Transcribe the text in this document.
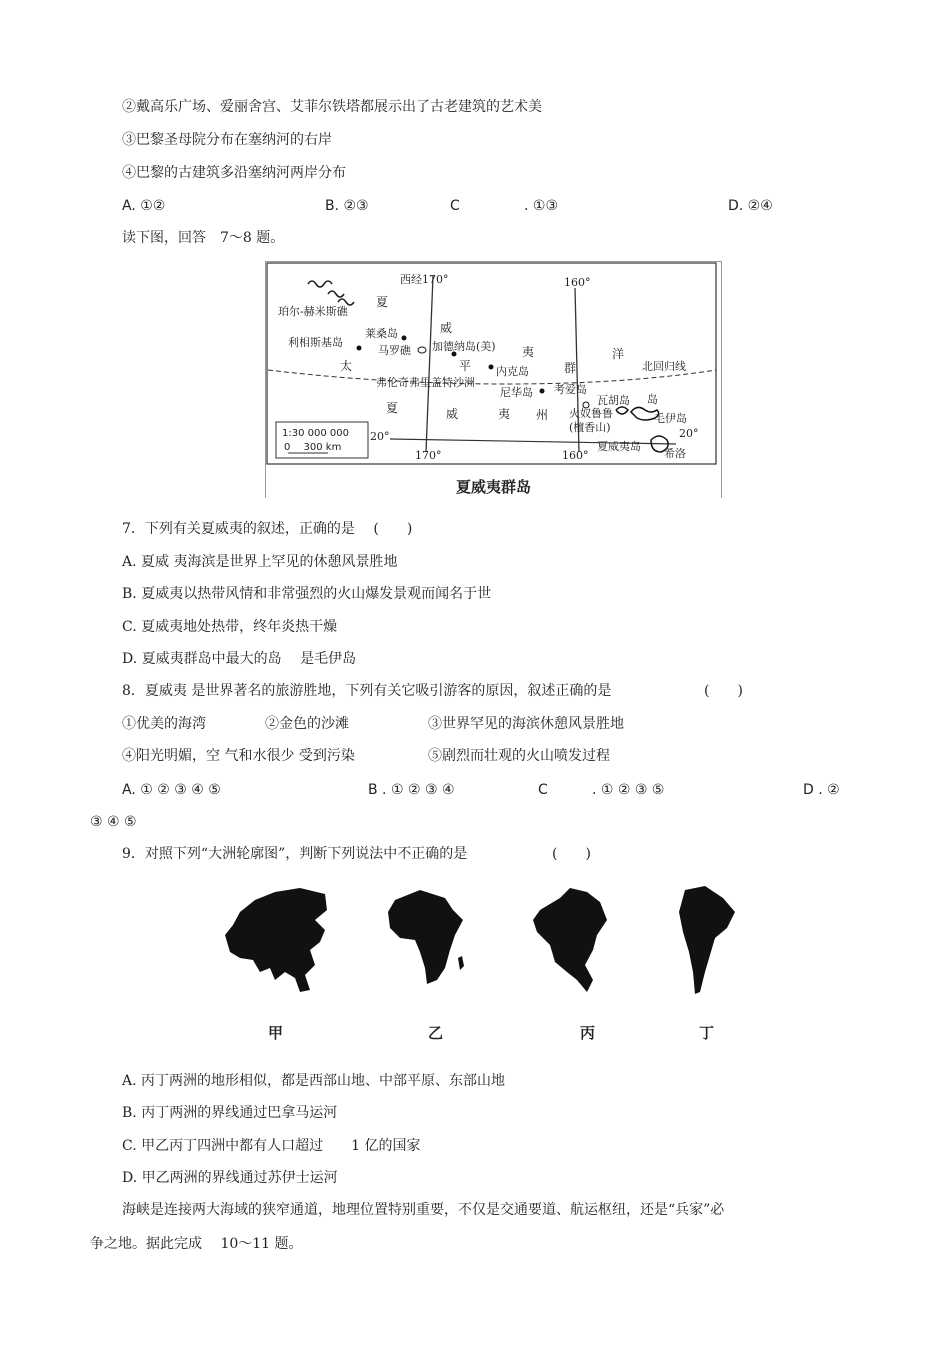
②戴高乐广场、爱丽舍宫、艾菲尔铁塔都展示出了古老建筑的艺术美
③巴黎圣母院分布在塞纳河的右岸
④巴黎的古建筑多沿塞纳河两岸分布
A. ①②	B. ②③	C	. ①③	D. ②④
读下图，回答　7～8 题。
西经170°	160°
170°	160°
20°	20°
北回归线
珀尔-赫米斯礁
利相斯基岛
莱桑岛
马罗礁 加德纳岛(美)
内克岛
弗伦奇弗里盖特沙洲
尼华岛 考爱岛
瓦胡岛
火奴鲁鲁
(檀香山)
毛伊岛
夏威夷岛
希洛
岛
夏
威
夷
平
洋
太	群
州
夏	威	夷
1:30 000 000
0　 300 km
夏威夷群岛
7．下列有关夏威夷的叙述，正确的是　 (　　)
A. 夏威 夷海滨是世界上罕见的休憩风景胜地
B. 夏威夷以热带风情和非常强烈的火山爆发景观而闻名于世
C. 夏威夷地处热带，终年炎热干燥
D. 夏威夷群岛中最大的岛　 是毛伊岛
8．夏威夷 是世界著名的旅游胜地，下列有关它吸引游客的原因，叙述正确的是	(　　)
①优美的海湾	②金色的沙滩	③世界罕见的海滨休憩风景胜地
④阳光明媚，空 气和水很少 受到污染	⑤剧烈而壮观的火山喷发过程
A. ① ② ③ ④ ⑤	B . ① ② ③ ④	C	. ① ② ③ ⑤	D . ②
③ ④ ⑤
9．对照下列“大洲轮廓图”，判断下列说法中不正确的是	(　　)
甲	乙	丙	丁
A. 丙丁两洲的地形相似，都是西部山地、中部平原、东部山地
B. 丙丁两洲的界线通过巴拿马运河
C. 甲乙丙丁四洲中都有人口超过　　1 亿的国家
D. 甲乙两洲的界线通过苏伊士运河
海峡是连接两大海域的狭窄通道，地理位置特别重要，不仅是交通要道、航运枢纽，还是“兵家”必
争之地。据此完成　 10～11 题。
